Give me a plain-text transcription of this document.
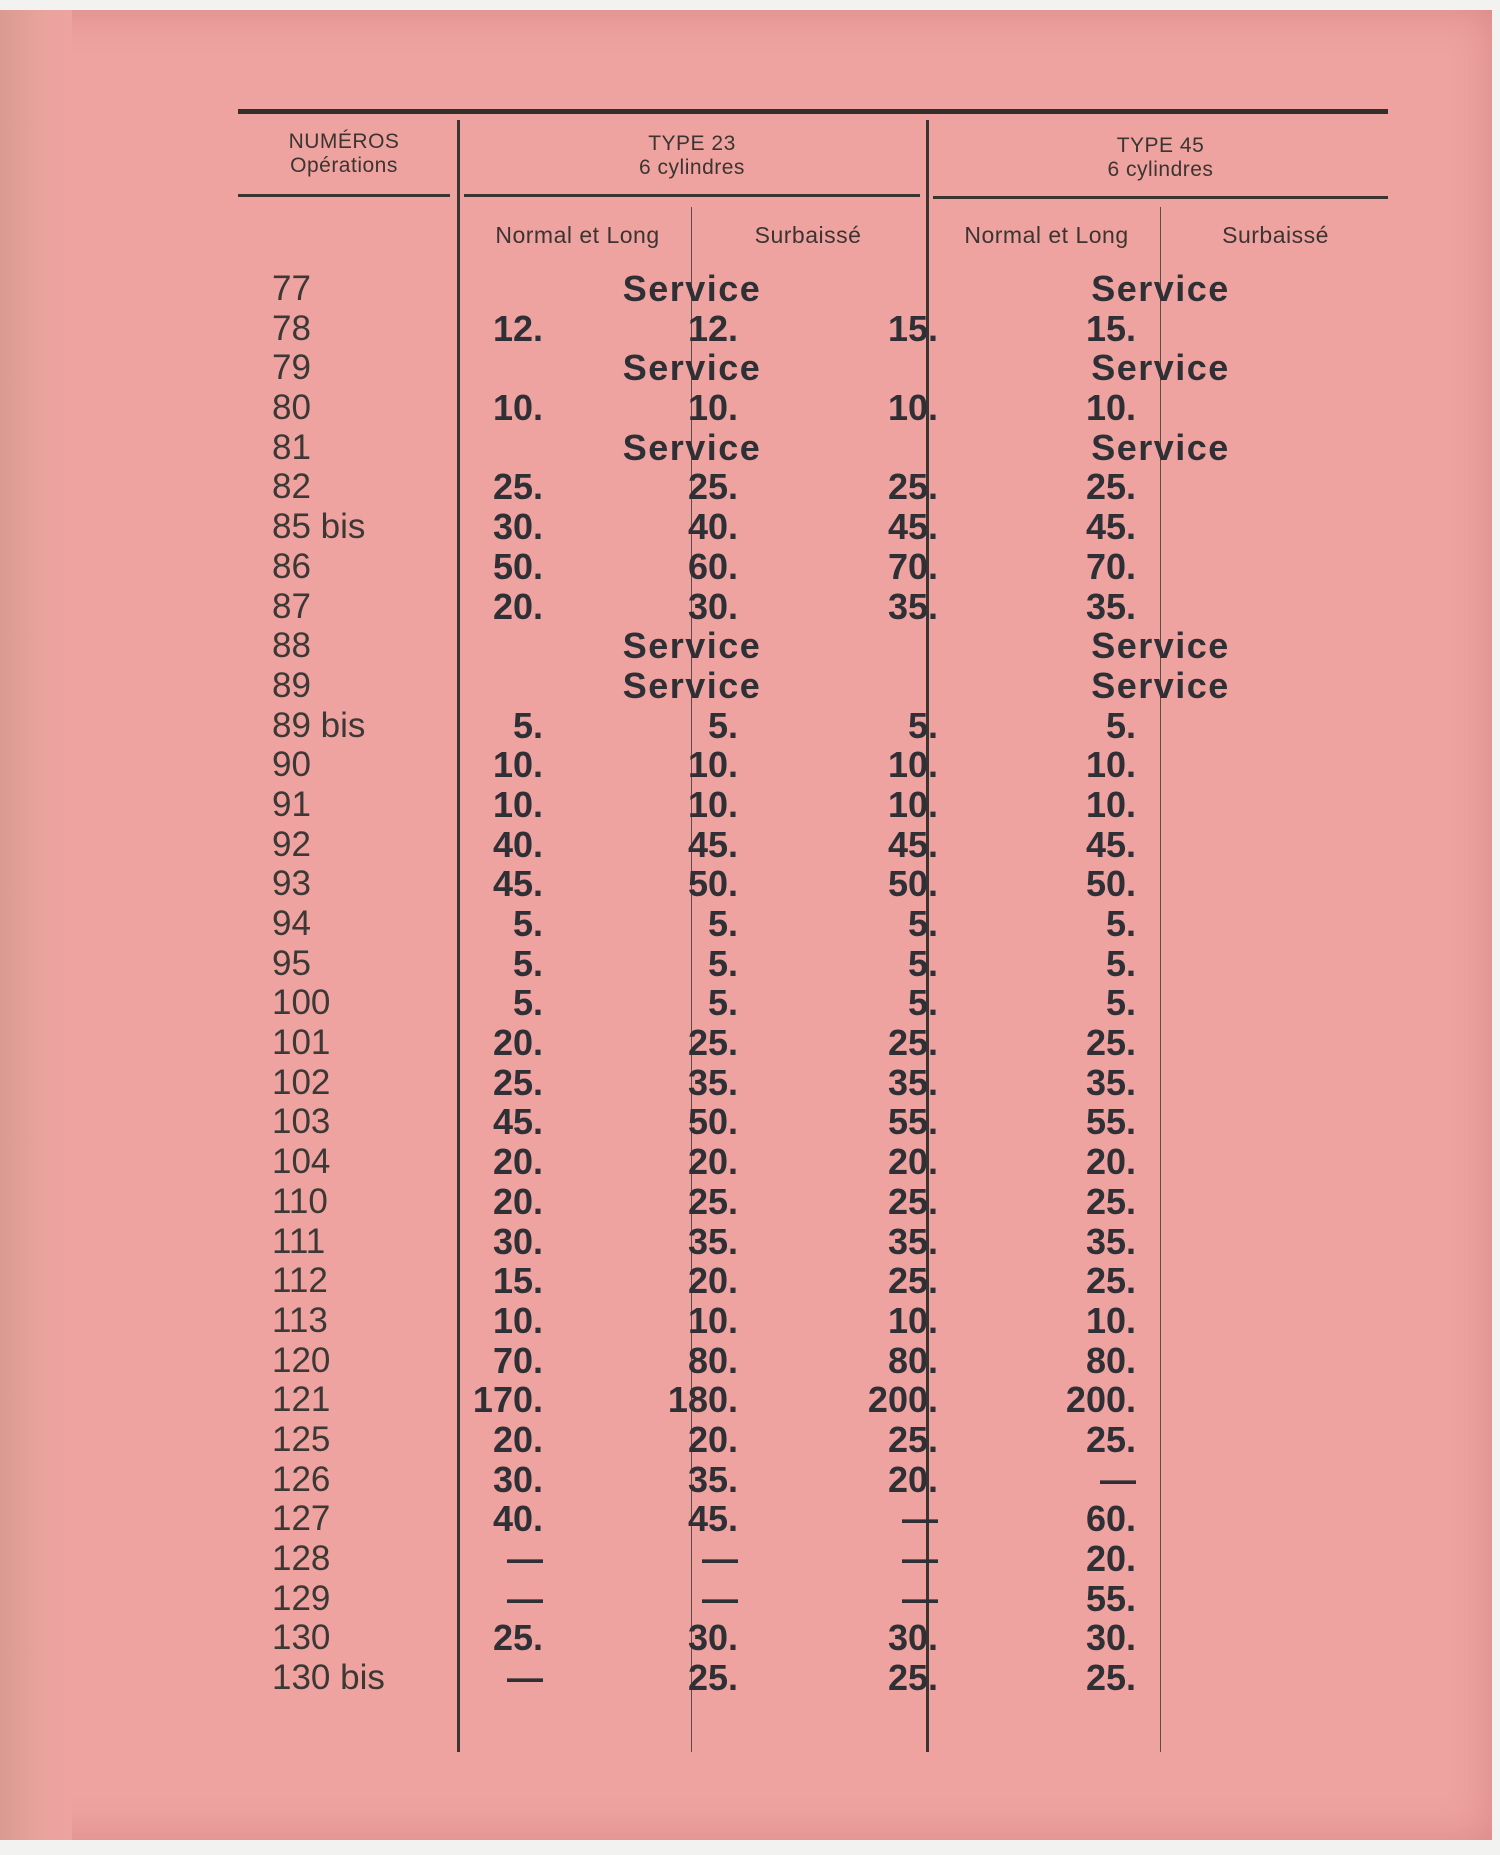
NUMÉROS
Opérations
TYPE 23
6 cylindres
TYPE 45
6 cylindres
Normal et Long	Surbaissé	Normal et Long	Surbaissé
77	Service	Service
78	12.	12.	15.	15.
79	Service	Service
80	10.	10.	10.	10.
81	Service	Service
82	25.	25.	25.	25.
85 bis	30.	40.	45.	45.
86	50.	60.	70.	70.
87	20.	30.	35.	35.
88	Service	Service
89	Service	Service
89 bis	5.	5.	5.	5.
90	10.	10.	10.	10.
91	10.	10.	10.	10.
92	40.	45.	45.	45.
93	45.	50.	50.	50.
94	5.	5.	5.	5.
95	5.	5.	5.	5.
100	5.	5.	5.	5.
101	20.	25.	25.	25.
102	25.	35.	35.	35.
103	45.	50.	55.	55.
104	20.	20.	20.	20.
110	20.	25.	25.	25.
111	30.	35.	35.	35.
112	15.	20.	25.	25.
113	10.	10.	10.	10.
120	70.	80.	80.	80.
121	170.	180.	200.	200.
125	20.	20.	25.	25.
126	30.	35.	20.	—
127	40.	45.	—	60.
128	—	—	—	20.
129	—	—	—	55.
130	25.	30.	30.	30.
130 bis	—	25.	25.	25.
